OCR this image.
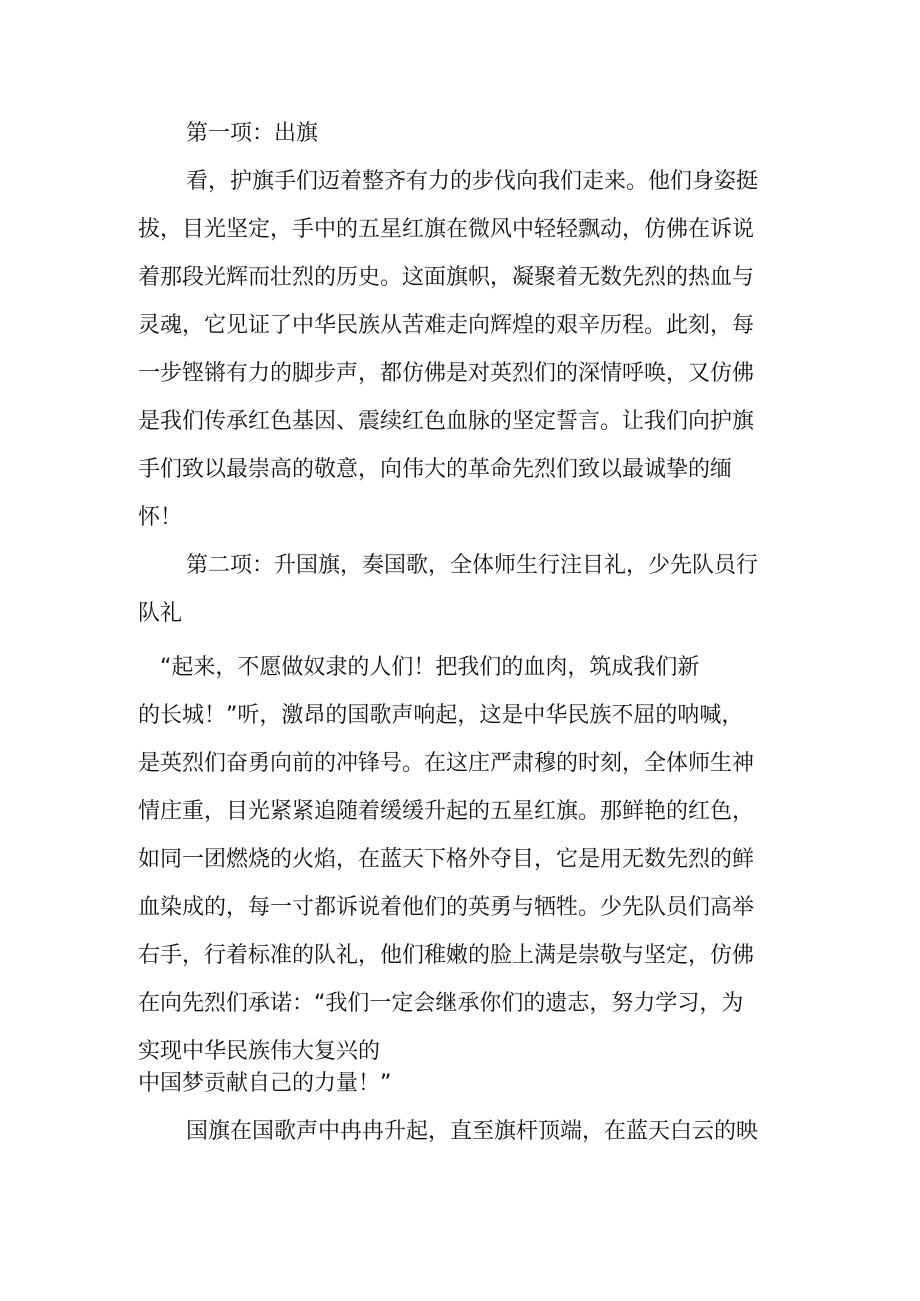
第一项：出旗
看，护旗手们迈着整齐有力的步伐向我们走来。他们身姿挺
拔，目光坚定，手中的五星红旗在微风中轻轻飘动，仿佛在诉说
着那段光辉而壮烈的历史。这面旗帜，凝聚着无数先烈的热血与
灵魂，它见证了中华民族从苦难走向辉煌的艰辛历程。此刻，每
一步铿锵有力的脚步声，都仿佛是对英烈们的深情呼唤，又仿佛
是我们传承红色基因、震续红色血脉的坚定誓言。让我们向护旗
手们致以最崇高的敬意，向伟大的革命先烈们致以最诚挚的缅
怀！
第二项：升国旗，奏国歌，全体师生行注目礼，少先队员行
队礼
“起来，不愿做奴隶的人们！把我们的血肉，筑成我们新
的长城！”听，激昂的国歌声响起，这是中华民族不屈的呐喊，
是英烈们奋勇向前的冲锋号。在这庄严肃穆的时刻，全体师生神
情庄重，目光紧紧追随着缓缓升起的五星红旗。那鲜艳的红色，
如同一团燃烧的火焰，在蓝天下格外夺目，它是用无数先烈的鲜
血染成的，每一寸都诉说着他们的英勇与牺牲。少先队员们高举
右手，行着标准的队礼，他们稚嫩的脸上满是崇敬与坚定，仿佛
在向先烈们承诺：“我们一定会继承你们的遗志，努力学习，为
实现中华民族伟大复兴的
中国梦贡献自己的力量！”
国旗在国歌声中冉冉升起，直至旗杆顶端，在蓝天白云的映
